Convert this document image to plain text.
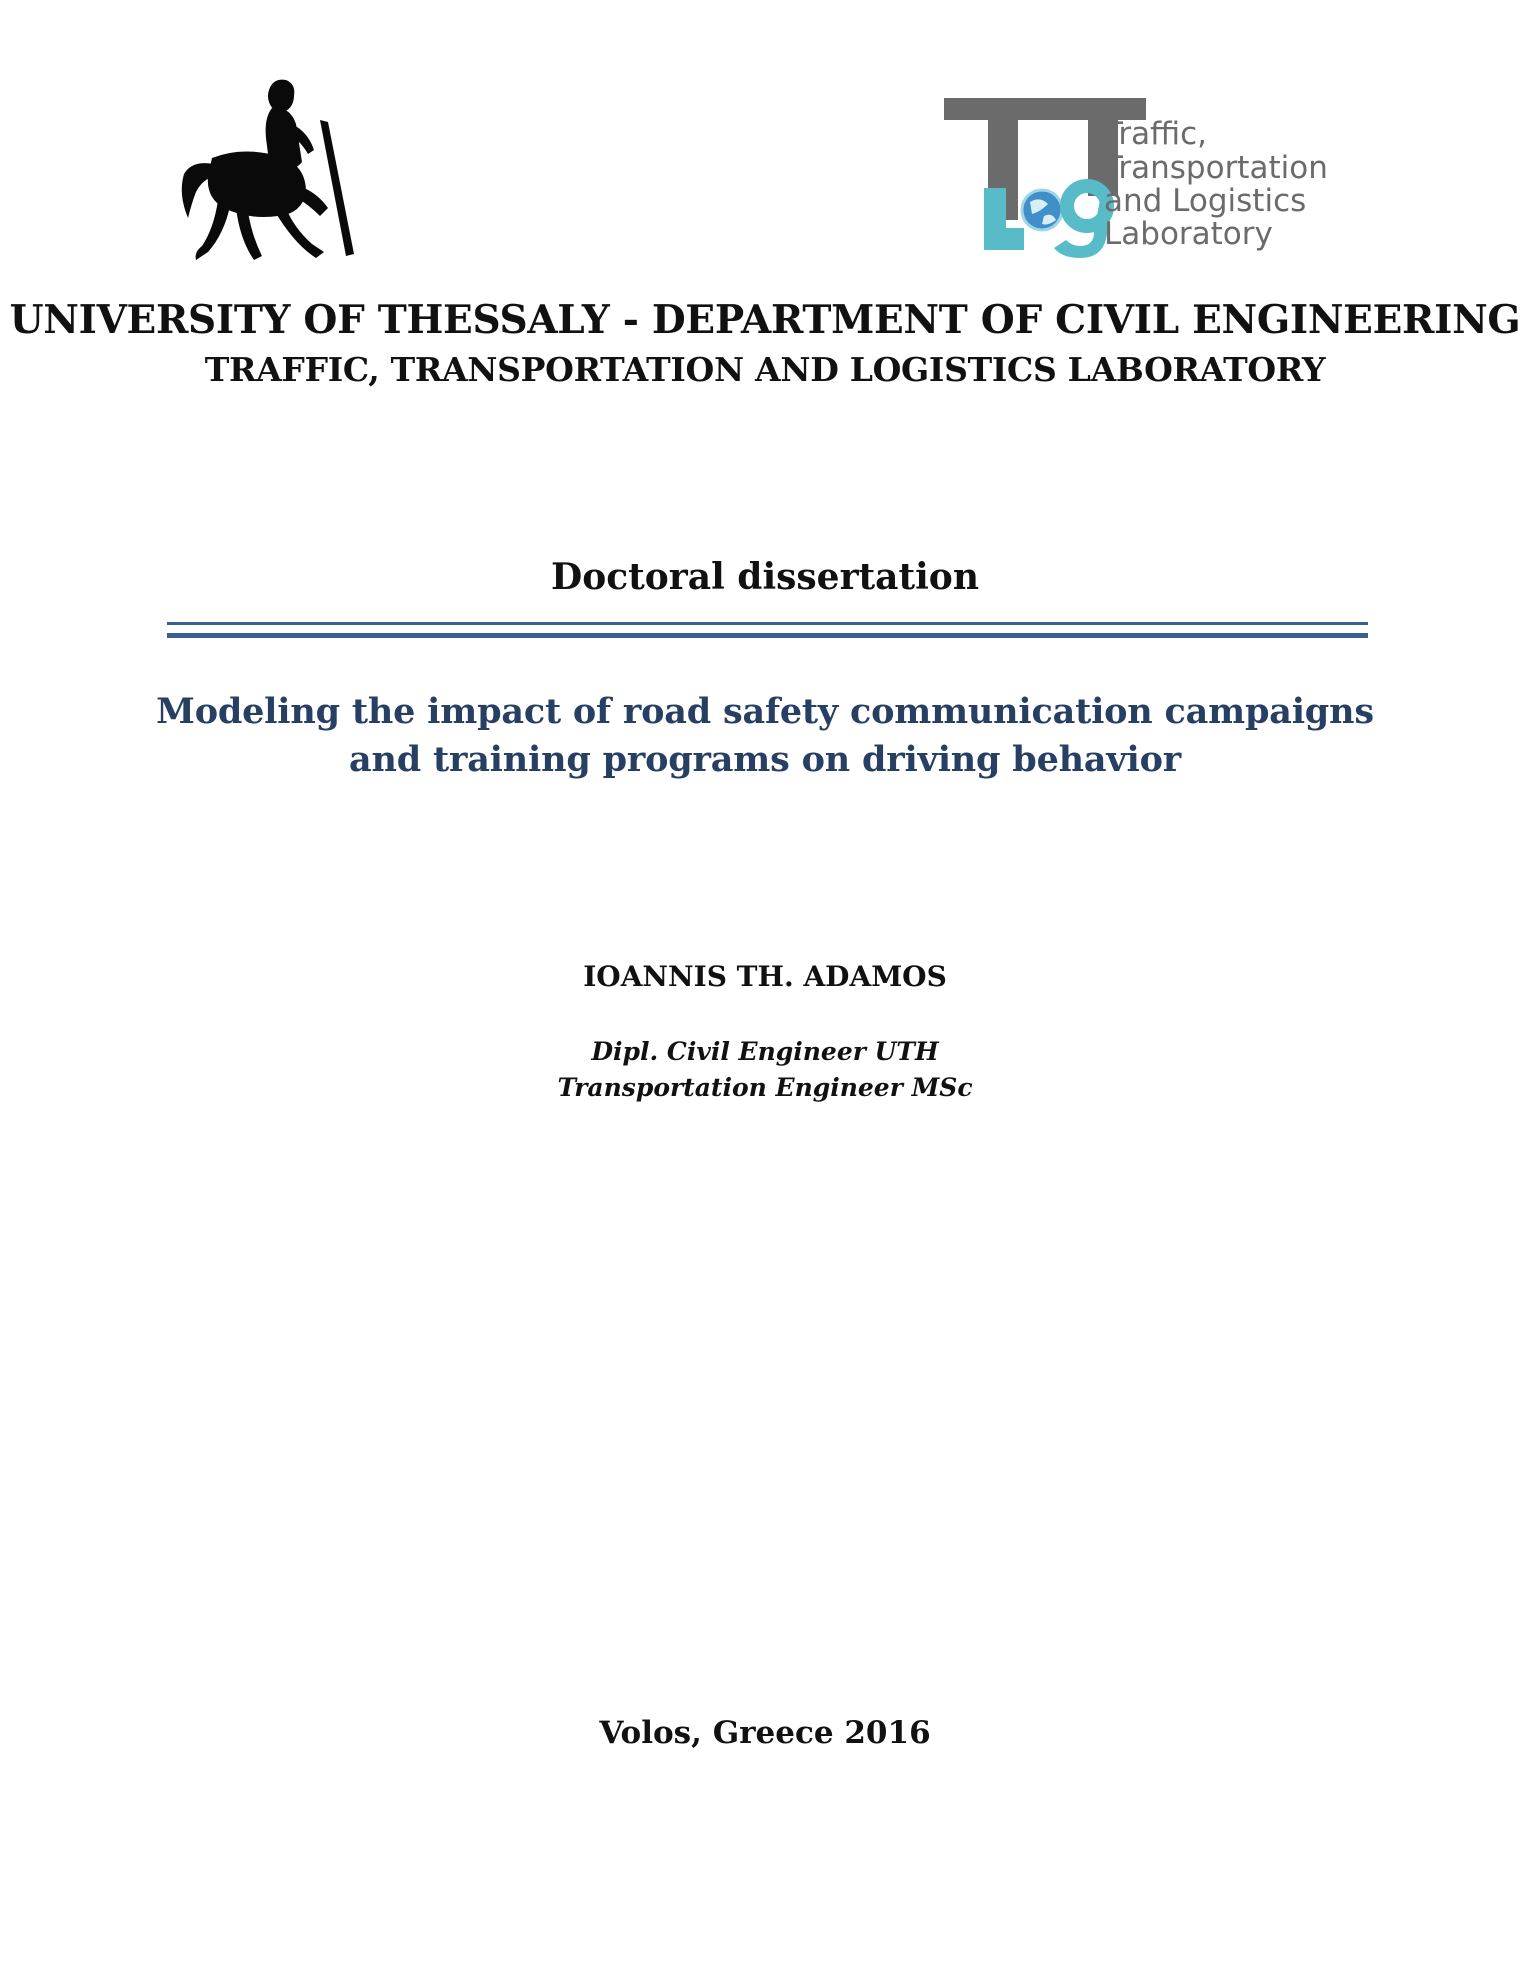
Traffic,
Transportation
and Logistics
Laboratory
UNIVERSITY OF THESSALY - DEPARTMENT OF CIVIL ENGINEERING
TRAFFIC, TRANSPORTATION AND LOGISTICS LABORATORY
Doctoral dissertation
Modeling the impact of road safety communication campaigns
and training programs on driving behavior
IOANNIS TH. ADAMOS
Dipl. Civil Engineer UTH
Transportation Engineer MSc
Volos, Greece 2016
